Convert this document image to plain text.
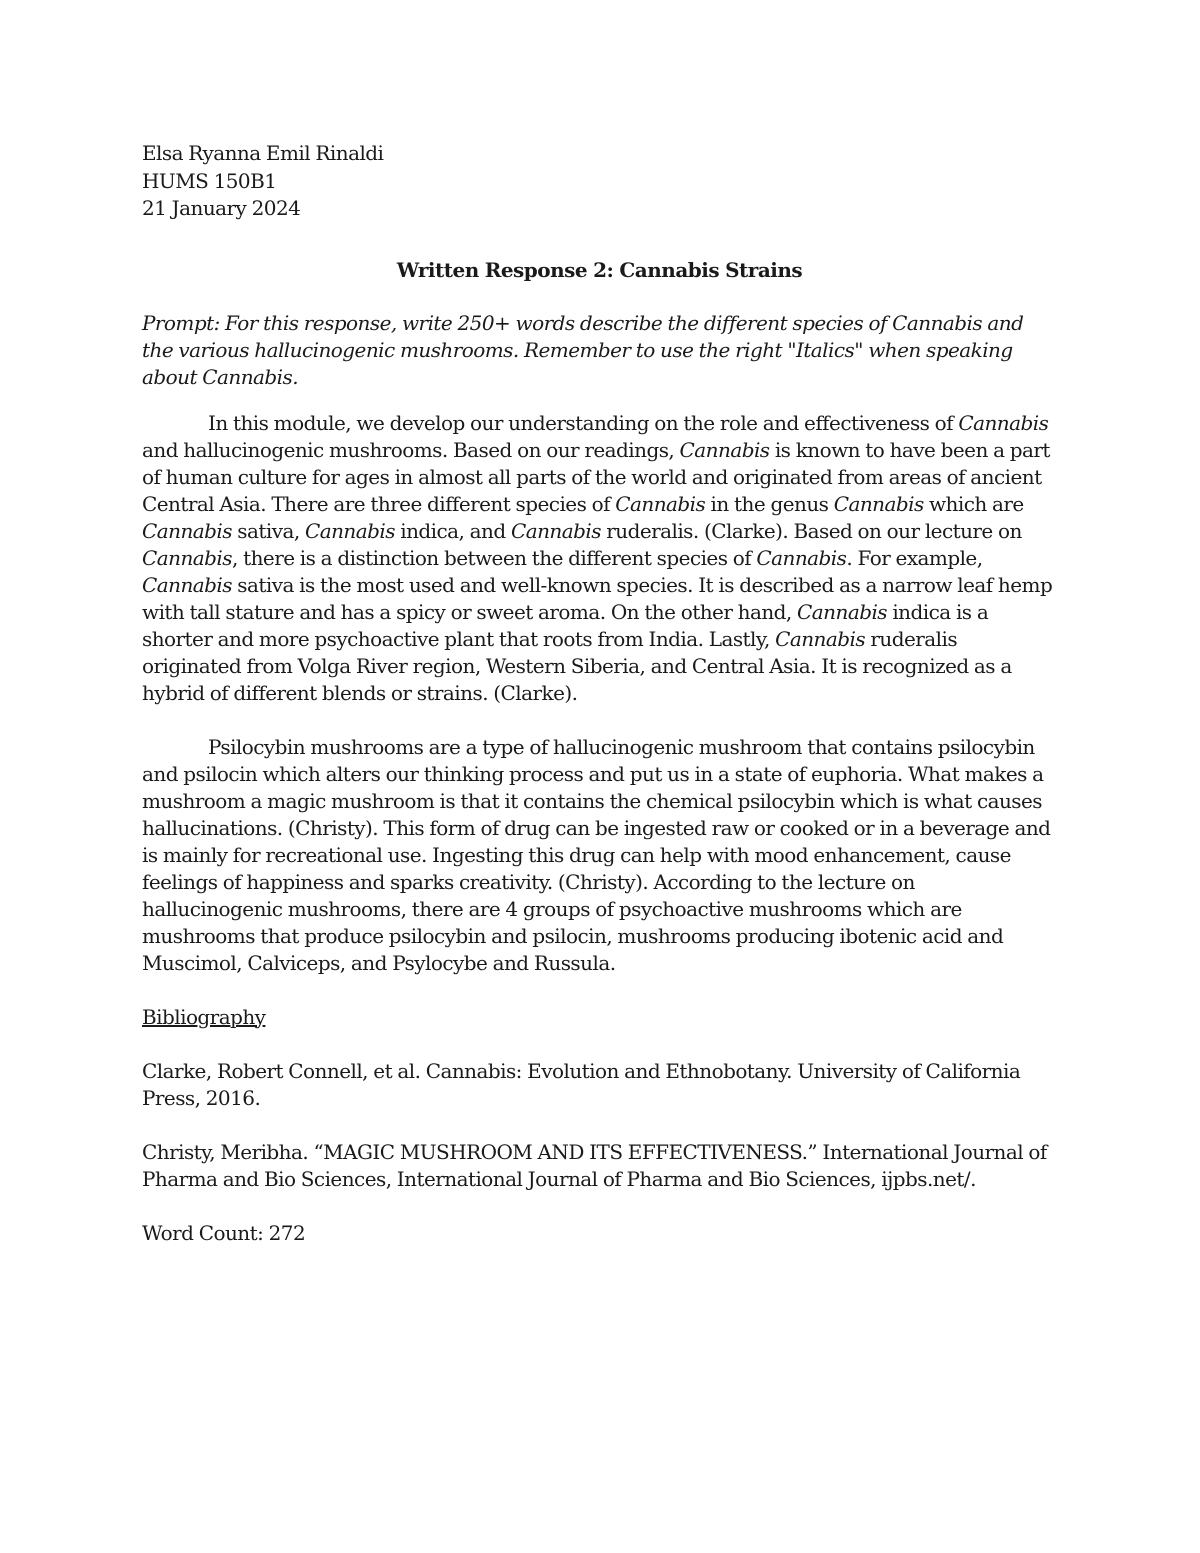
Elsa Ryanna Emil Rinaldi
HUMS 150B1
21 January 2024
Written Response 2: Cannabis Strains
Prompt: For this response, write 250+ words describe the different species of Cannabis and the various hallucinogenic mushrooms. Remember to use the right "Italics" when speaking about Cannabis.
In this module, we develop our understanding on the role and effectiveness of Cannabis and hallucinogenic mushrooms. Based on our readings, Cannabis is known to have been a part of human culture for ages in almost all parts of the world and originated from areas of ancient Central Asia. There are three different species of Cannabis in the genus Cannabis which are Cannabis sativa, Cannabis indica, and Cannabis ruderalis. (Clarke). Based on our lecture on Cannabis, there is a distinction between the different species of Cannabis. For example, Cannabis sativa is the most used and well-known species. It is described as a narrow leaf hemp with tall stature and has a spicy or sweet aroma. On the other hand, Cannabis indica is a shorter and more psychoactive plant that roots from India. Lastly, Cannabis ruderalis originated from Volga River region, Western Siberia, and Central Asia. It is recognized as a hybrid of different blends or strains. (Clarke).
Psilocybin mushrooms are a type of hallucinogenic mushroom that contains psilocybin and psilocin which alters our thinking process and put us in a state of euphoria. What makes a mushroom a magic mushroom is that it contains the chemical psilocybin which is what causes hallucinations. (Christy). This form of drug can be ingested raw or cooked or in a beverage and is mainly for recreational use. Ingesting this drug can help with mood enhancement, cause feelings of happiness and sparks creativity. (Christy). According to the lecture on hallucinogenic mushrooms, there are 4 groups of psychoactive mushrooms which are mushrooms that produce psilocybin and psilocin, mushrooms producing ibotenic acid and Muscimol, Calviceps, and Psylocybe and Russula.
Bibliography
Clarke, Robert Connell, et al. Cannabis: Evolution and Ethnobotany. University of California Press, 2016.
Christy, Meribha. “MAGIC MUSHROOM AND ITS EFFECTIVENESS.” International Journal of Pharma and Bio Sciences, International Journal of Pharma and Bio Sciences, ijpbs.net/.
Word Count: 272
